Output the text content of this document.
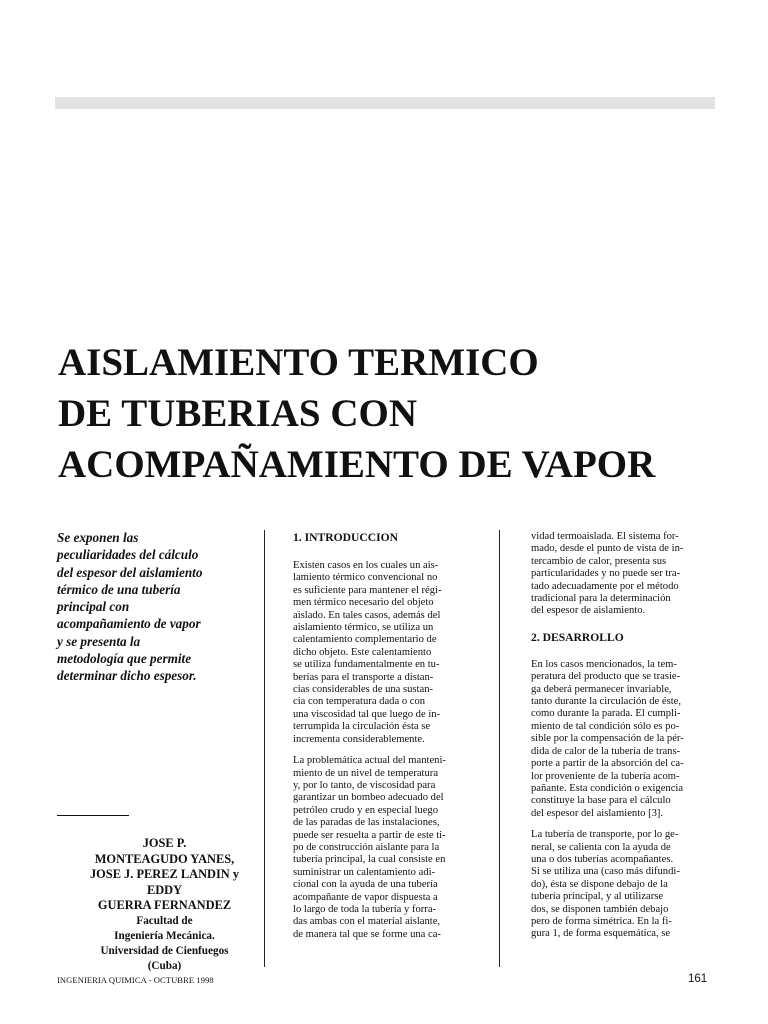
AISLAMIENTO TERMICO
DE TUBERIAS CON
ACOMPAÑAMIENTO DE VAPOR
Se exponen las
peculiaridades del cálculo
del espesor del aislamiento
térmico de una tubería
principal con
acompañamiento de vapor
y se presenta la
metodología que permite
determinar dicho espesor.
JOSE P.
MONTEAGUDO YANES,
JOSE J. PEREZ LANDIN y
EDDY
GUERRA FERNANDEZ
Facultad de
Ingeniería Mecánica.
Universidad de Cienfuegos
(Cuba)
1. INTRODUCCION

Existen casos en los cuales un ais-
lamiento térmico convencional no
es suficiente para mantener el régi-
men térmico necesario del objeto
aislado. En tales casos, además del
aislamiento térmico, se utiliza un
calentamiento complementario de
dicho objeto. Este calentamiento
se utiliza fundamentalmente en tu-
berías para el transporte a distan-
cias considerables de una sustan-
cia con temperatura dada o con
una viscosidad tal que luego de in-
terrumpida la circulación ésta se
incrementa considerablemente.

La problemática actual del manteni-
miento de un nivel de temperatura
y, por lo tanto, de viscosidad para
garantizar un bombeo adecuado del
petróleo crudo y en especial luego
de las paradas de las instalaciones,
puede ser resuelta a partir de este ti-
po de construcción aislante para la
tubería principal, la cual consiste en
suministrar un calentamiento adi-
cional con la ayuda de una tubería
acompañante de vapor dispuesta a
lo largo de toda la tubería y forra-
das ambas con el material aislante,
de manera tal que se forme una ca-

vidad termoaislada. El sistema for-
mado, desde el punto de vista de in-
tercambio de calor, presenta sus
particularidades y no puede ser tra-
tado adecuadamente por el método
tradicional para la determinación
del espesor de aislamiento.

2. DESARROLLO

En los casos mencionados, la tem-
peratura del producto que se trasie-
ga deberá permanecer invariable,
tanto durante la circulación de éste,
como durante la parada. El cumpli-
miento de tal condición sólo es po-
sible por la compensación de la pér-
dida de calor de la tubería de trans-
porte a partir de la absorción del ca-
lor proveniente de la tubería acom-
pañante. Esta condición o exigencia
constituye la base para el cálculo
del espesor del aislamiento [3].

La tubería de transporte, por lo ge-
neral, se calienta con la ayuda de
una o dos tuberías acompañantes.
Si se utiliza una (caso más difundi-
do), ésta se dispone debajo de la
tubería principal, y al utilizarse
dos, se disponen también debajo
pero de forma simétrica. En la fi-
gura 1, de forma esquemática, se

INGENIERIA QUIMICA - OCTUBRE 1998	161
